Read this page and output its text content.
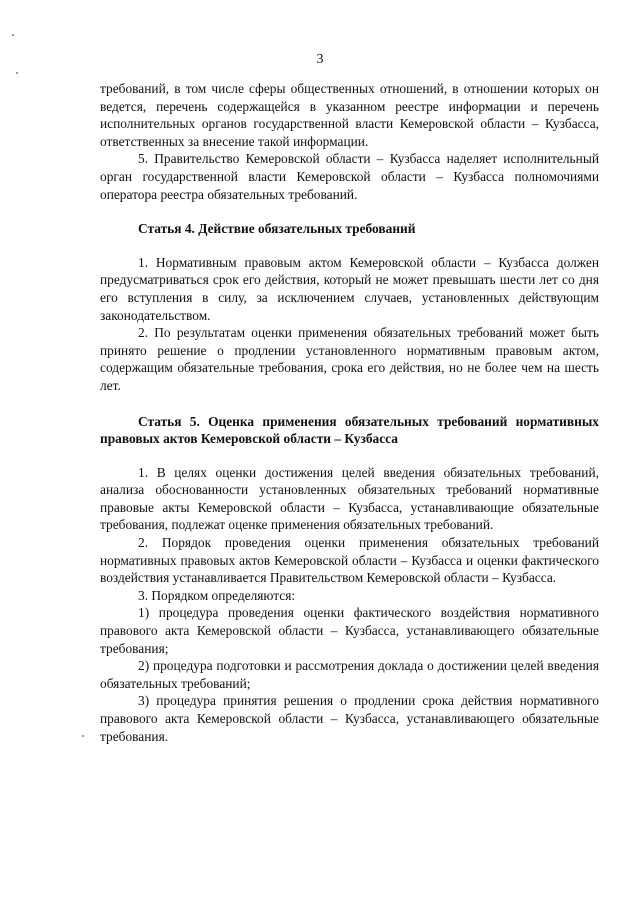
3

требований, в том числе сферы общественных отношений, в отношении которых он ведется, перечень содержащейся в указанном реестре информации и перечень исполнительных органов государственной власти Кемеровской области – Кузбасса, ответственных за внесение такой информации.

5. Правительство Кемеровской области – Кузбасса наделяет исполнительный орган государственной власти Кемеровской области – Кузбасса полномочиями оператора реестра обязательных требований.

Статья 4. Действие обязательных требований

1. Нормативным правовым актом Кемеровской области – Кузбасса должен предусматриваться срок его действия, который не может превышать шести лет со дня его вступления в силу, за исключением случаев, установленных действующим законодательством.

2. По результатам оценки применения обязательных требований может быть принято решение о продлении установленного нормативным правовым актом, содержащим обязательные требования, срока его действия, но не более чем на шесть лет.

Статья 5. Оценка применения обязательных требований нормативных правовых актов Кемеровской области – Кузбасса

1. В целях оценки достижения целей введения обязательных требований, анализа обоснованности установленных обязательных требований нормативные правовые акты Кемеровской области – Кузбасса, устанавливающие обязательные требования, подлежат оценке применения обязательных требований.

2. Порядок проведения оценки применения обязательных требований нормативных правовых актов Кемеровской области – Кузбасса и оценки фактического воздействия устанавливается Правительством Кемеровской области – Кузбасса.

3. Порядком определяются:

1) процедура проведения оценки фактического воздействия нормативного правового акта Кемеровской области – Кузбасса, устанавливающего обязательные требования;

2) процедура подготовки и рассмотрения доклада о достижении целей введения обязательных требований;

3) процедура принятия решения о продлении срока действия нормативного правового акта Кемеровской области – Кузбасса, устанавливающего обязательные требования.
